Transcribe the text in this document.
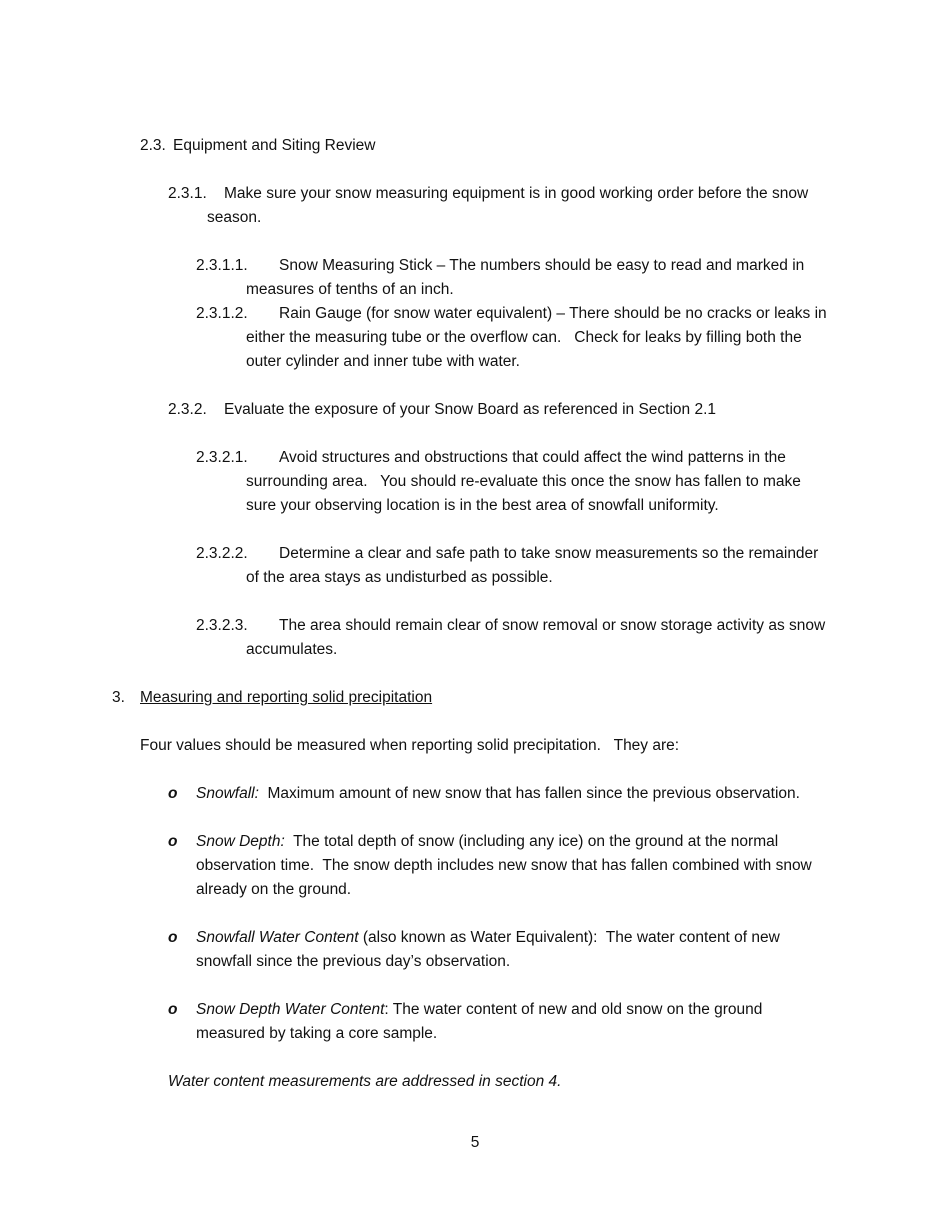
2.3. Equipment and Siting Review
2.3.1. Make sure your snow measuring equipment is in good working order before the snow
season.
2.3.1.1. Snow Measuring Stick – The numbers should be easy to read and marked in
measures of tenths of an inch.
2.3.1.2. Rain Gauge (for snow water equivalent) – There should be no cracks or leaks in
either the measuring tube or the overflow can.   Check for leaks by filling both the
outer cylinder and inner tube with water.
2.3.2. Evaluate the exposure of your Snow Board as referenced in Section 2.1
2.3.2.1. Avoid structures and obstructions that could affect the wind patterns in the
surrounding area.   You should re-evaluate this once the snow has fallen to make
sure your observing location is in the best area of snowfall uniformity.
2.3.2.2. Determine a clear and safe path to take snow measurements so the remainder
of the area stays as undisturbed as possible.
2.3.2.3. The area should remain clear of snow removal or snow storage activity as snow
accumulates.
3. Measuring and reporting solid precipitation
Four values should be measured when reporting solid precipitation.   They are:
o Snowfall:  Maximum amount of new snow that has fallen since the previous observation.
o Snow Depth:  The total depth of snow (including any ice) on the ground at the normal
observation time.  The snow depth includes new snow that has fallen combined with snow
already on the ground.
o Snowfall Water Content (also known as Water Equivalent):  The water content of new
snowfall since the previous day’s observation.
o Snow Depth Water Content: The water content of new and old snow on the ground
measured by taking a core sample.
Water content measurements are addressed in section 4.
5
